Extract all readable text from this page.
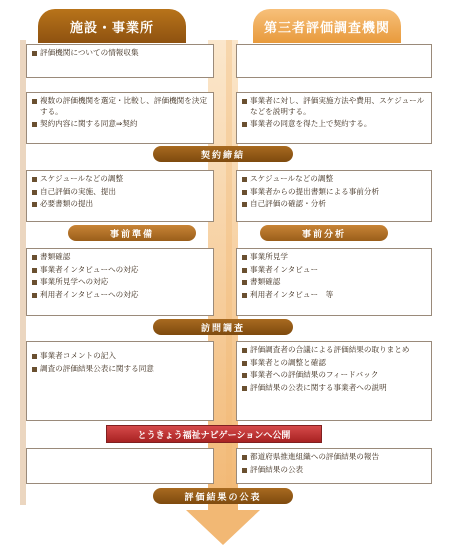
施設・事業所	第三者評価調査機関
評価機関についての情報収集
複数の評価機関を選定・比較し、評価機関を決定する。
契約内容に関する同意⇒契約
事業者に対し、評価実施方法や費用、スケジュールなどを説明する。
事業者の同意を得た上で契約する。
契約締結
スケジュールなどの調整
自己評価の実施、提出
必要書類の提出
スケジュールなどの調整
事業者からの提出書類による事前分析
自己評価の確認・分析
事前準備	事前分析
書類確認
事業者インタビューへの対応
事業所見学への対応
利用者インタビューへの対応
事業所見学
事業者インタビュー
書類確認
利用者インタビュー　等
訪問調査
事業者コメントの記入
調査の評価結果公表に関する同意
評価調査者の合議による評価結果の取りまとめ
事業者との調整と確認
事業者への評価結果のフィードバック
評価結果の公表に関する事業者への説明
とうきょう福祉ナビゲーションへ公開
都道府県推進組織への評価結果の報告
評価結果の公表
評価結果の公表
